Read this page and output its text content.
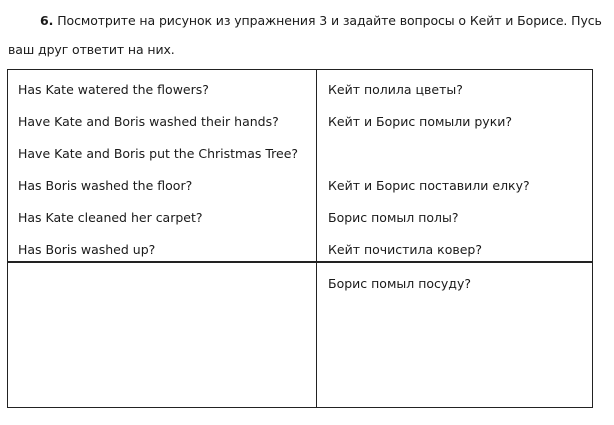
6. Посмотрите на рисунок из упражнения 3 и задайте вопросы о Кейт и Борисе. Пусь
ваш друг ответит на них.
Has Kate watered the flowers?
Have Kate and Boris washed their hands?
Have Kate and Boris put the Christmas Tree?
Has Boris washed the floor?
Has Kate cleaned her carpet?
Has Boris washed up?
Кейт полила цветы?
Кейт и Борис помыли руки?
Кейт и Борис поставили елку?
Борис помыл полы?
Кейт почистила ковер?
Борис помыл посуду?
